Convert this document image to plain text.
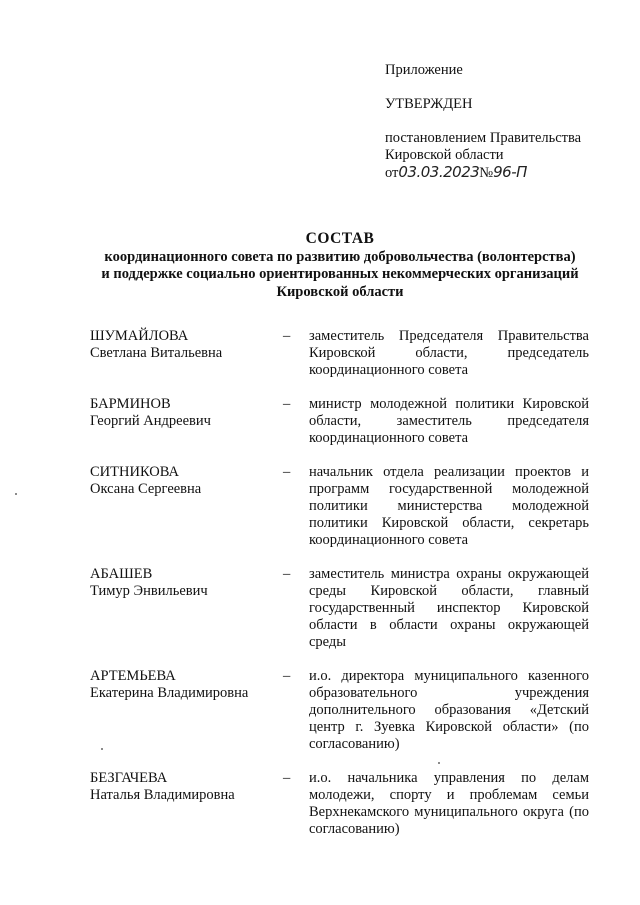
Приложение

УТВЕРЖДЕН

постановлением Правительства

Кировской области

от03.03.2023№96-П

СОСТАВ

координационного совета по развитию добровольчества (волонтерства)

и поддержке социально ориентированных некоммерческих организаций

Кировской области

ШУМАЙЛОВА

Светлана Витальевна

–	заместитель Председателя Правительства Кировской области, председатель координационного совета

БАРМИНОВ

Георгий Андреевич

–	министр молодежной политики Кировской области, заместитель председателя координационного совета

СИТНИКОВА

Оксана Сергеевна

–	начальник отдела реализации проектов и программ государственной молодежной политики министерства молодежной политики Кировской области, секретарь координационного совета

АБАШЕВ

Тимур Энвильевич

–	заместитель министра охраны окружающей среды Кировской области, главный государственный инспектор Кировской области в области охраны окружающей среды

АРТЕМЬЕВА

Екатерина Владимировна

–	и.о. директора муниципального казенного образовательного учреждения дополнительного образования «Детский центр г. Зуевка Кировской области» (по согласованию)

БЕЗГАЧЕВА

Наталья Владимировна

–	и.о. начальника управления по делам молодежи, спорту и проблемам семьи Верхнекамского муниципального округа (по согласованию)
